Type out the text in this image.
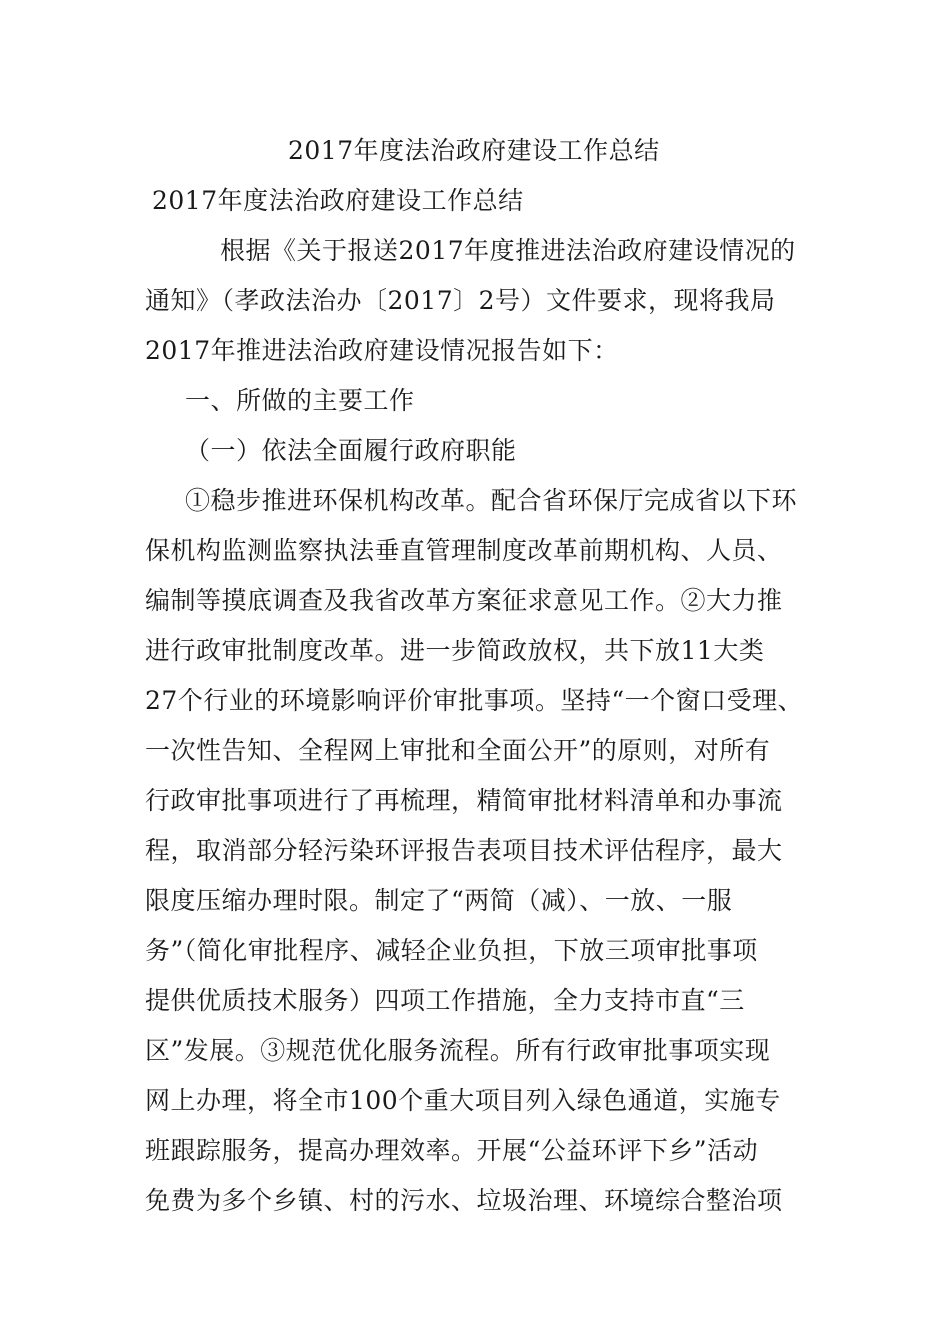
2017年度法治政府建设工作总结
2017年度法治政府建设工作总结
根据《关于报送2017年度推进法治政府建设情况的
通知》（孝政法治办〔2017〕2号）文件要求，现将我局
2017年推进法治政府建设情况报告如下：
一、所做的主要工作
（一）依法全面履行政府职能
①稳步推进环保机构改革。配合省环保厅完成省以下环
保机构监测监察执法垂直管理制度改革前期机构、人员、
编制等摸底调查及我省改革方案征求意见工作。②大力推
进行政审批制度改革。进一步简政放权，共下放11大类
27个行业的环境影响评价审批事项。坚持“一个窗口受理、
一次性告知、全程网上审批和全面公开”的原则，对所有
行政审批事项进行了再梳理，精简审批材料清单和办事流
程，取消部分轻污染环评报告表项目技术评估程序，最大
限度压缩办理时限。制定了“两简（减）、一放、一服
务”（简化审批程序、减轻企业负担，下放三项审批事项
提供优质技术服务）四项工作措施，全力支持市直“三
区”发展。③规范优化服务流程。所有行政审批事项实现
网上办理，将全市100个重大项目列入绿色通道，实施专
班跟踪服务，提高办理效率。开展“公益环评下乡”活动
免费为多个乡镇、村的污水、垃圾治理、环境综合整治项
